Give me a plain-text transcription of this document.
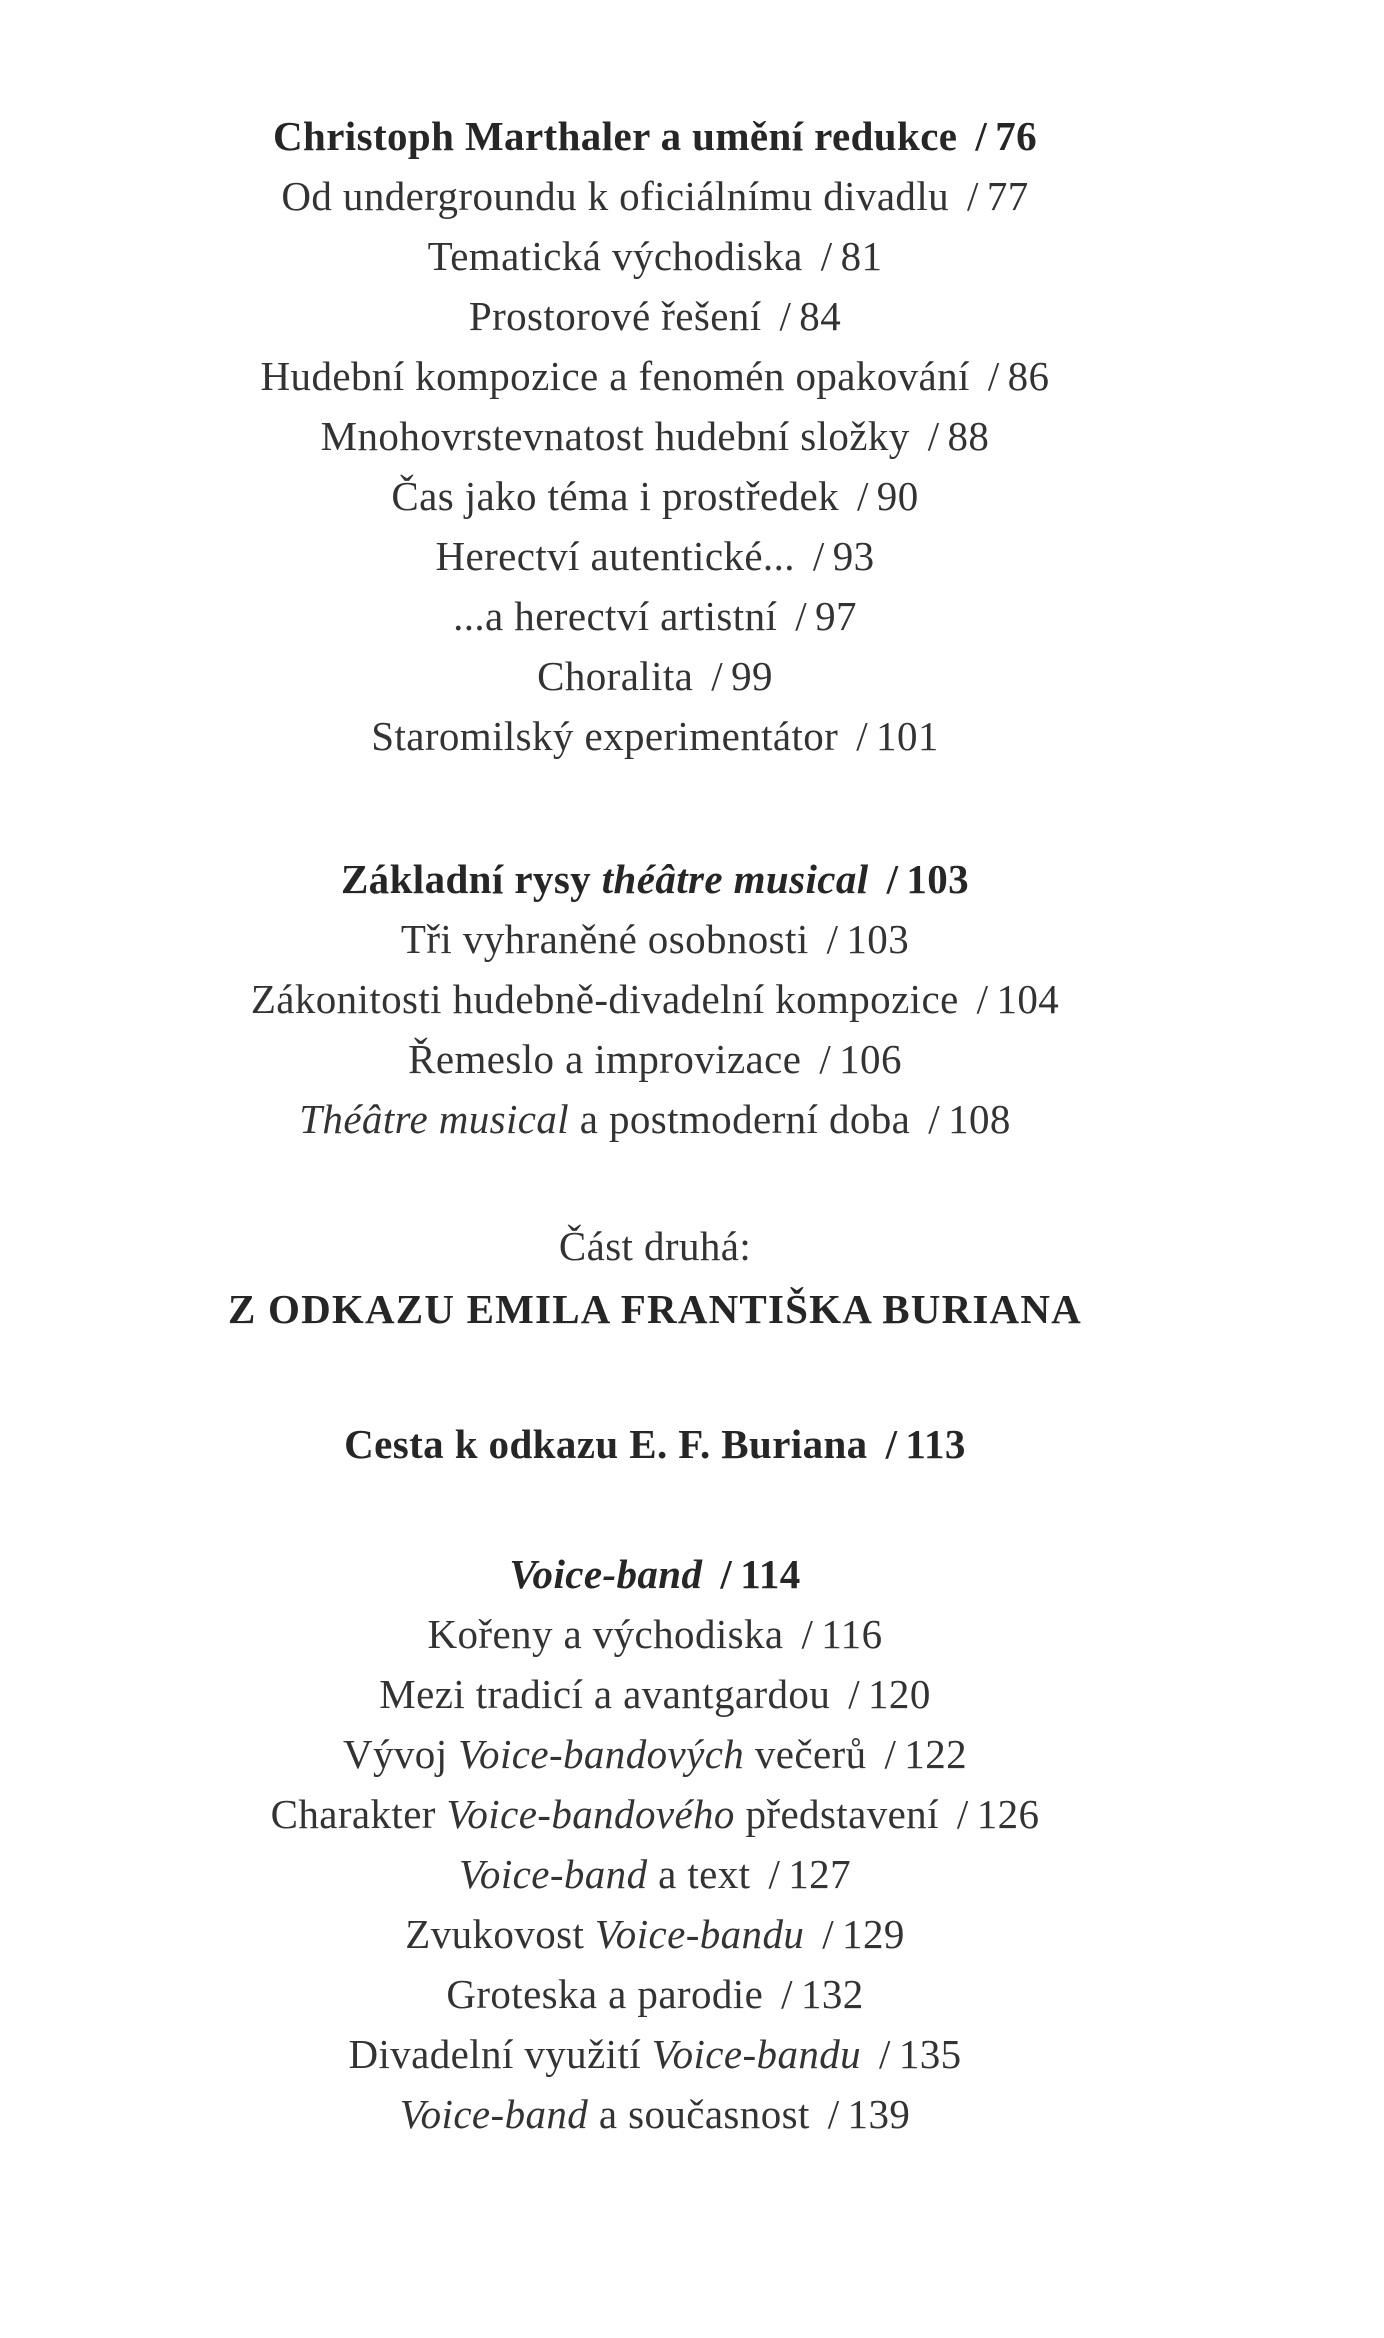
Christoph Marthaler a umění redukce / 76
Od undergroundu k oficiálnímu divadlu / 77
Tematická východiska / 81
Prostorové řešení / 84
Hudební kompozice a fenomén opakování / 86
Mnohovrstevnatost hudební složky / 88
Čas jako téma i prostředek / 90
Herectví autentické... / 93
...a herectví artistní / 97
Choralita / 99
Staromilský experimentátor / 101
Základní rysy théâtre musical / 103
Tři vyhraněné osobnosti / 103
Zákonitosti hudebně-divadelní kompozice / 104
Řemeslo a improvizace / 106
Théâtre musical a postmoderní doba / 108
Část druhá:
Z ODKAZU EMILA FRANTIŠKA BURIANA
Cesta k odkazu E. F. Buriana / 113
Voice-band / 114
Kořeny a východiska / 116
Mezi tradicí a avantgardou / 120
Vývoj Voice-bandových večerů / 122
Charakter Voice-bandového představení / 126
Voice-band a text / 127
Zvukovost Voice-bandu / 129
Groteska a parodie / 132
Divadelní využití Voice-bandu / 135
Voice-band a současnost / 139
